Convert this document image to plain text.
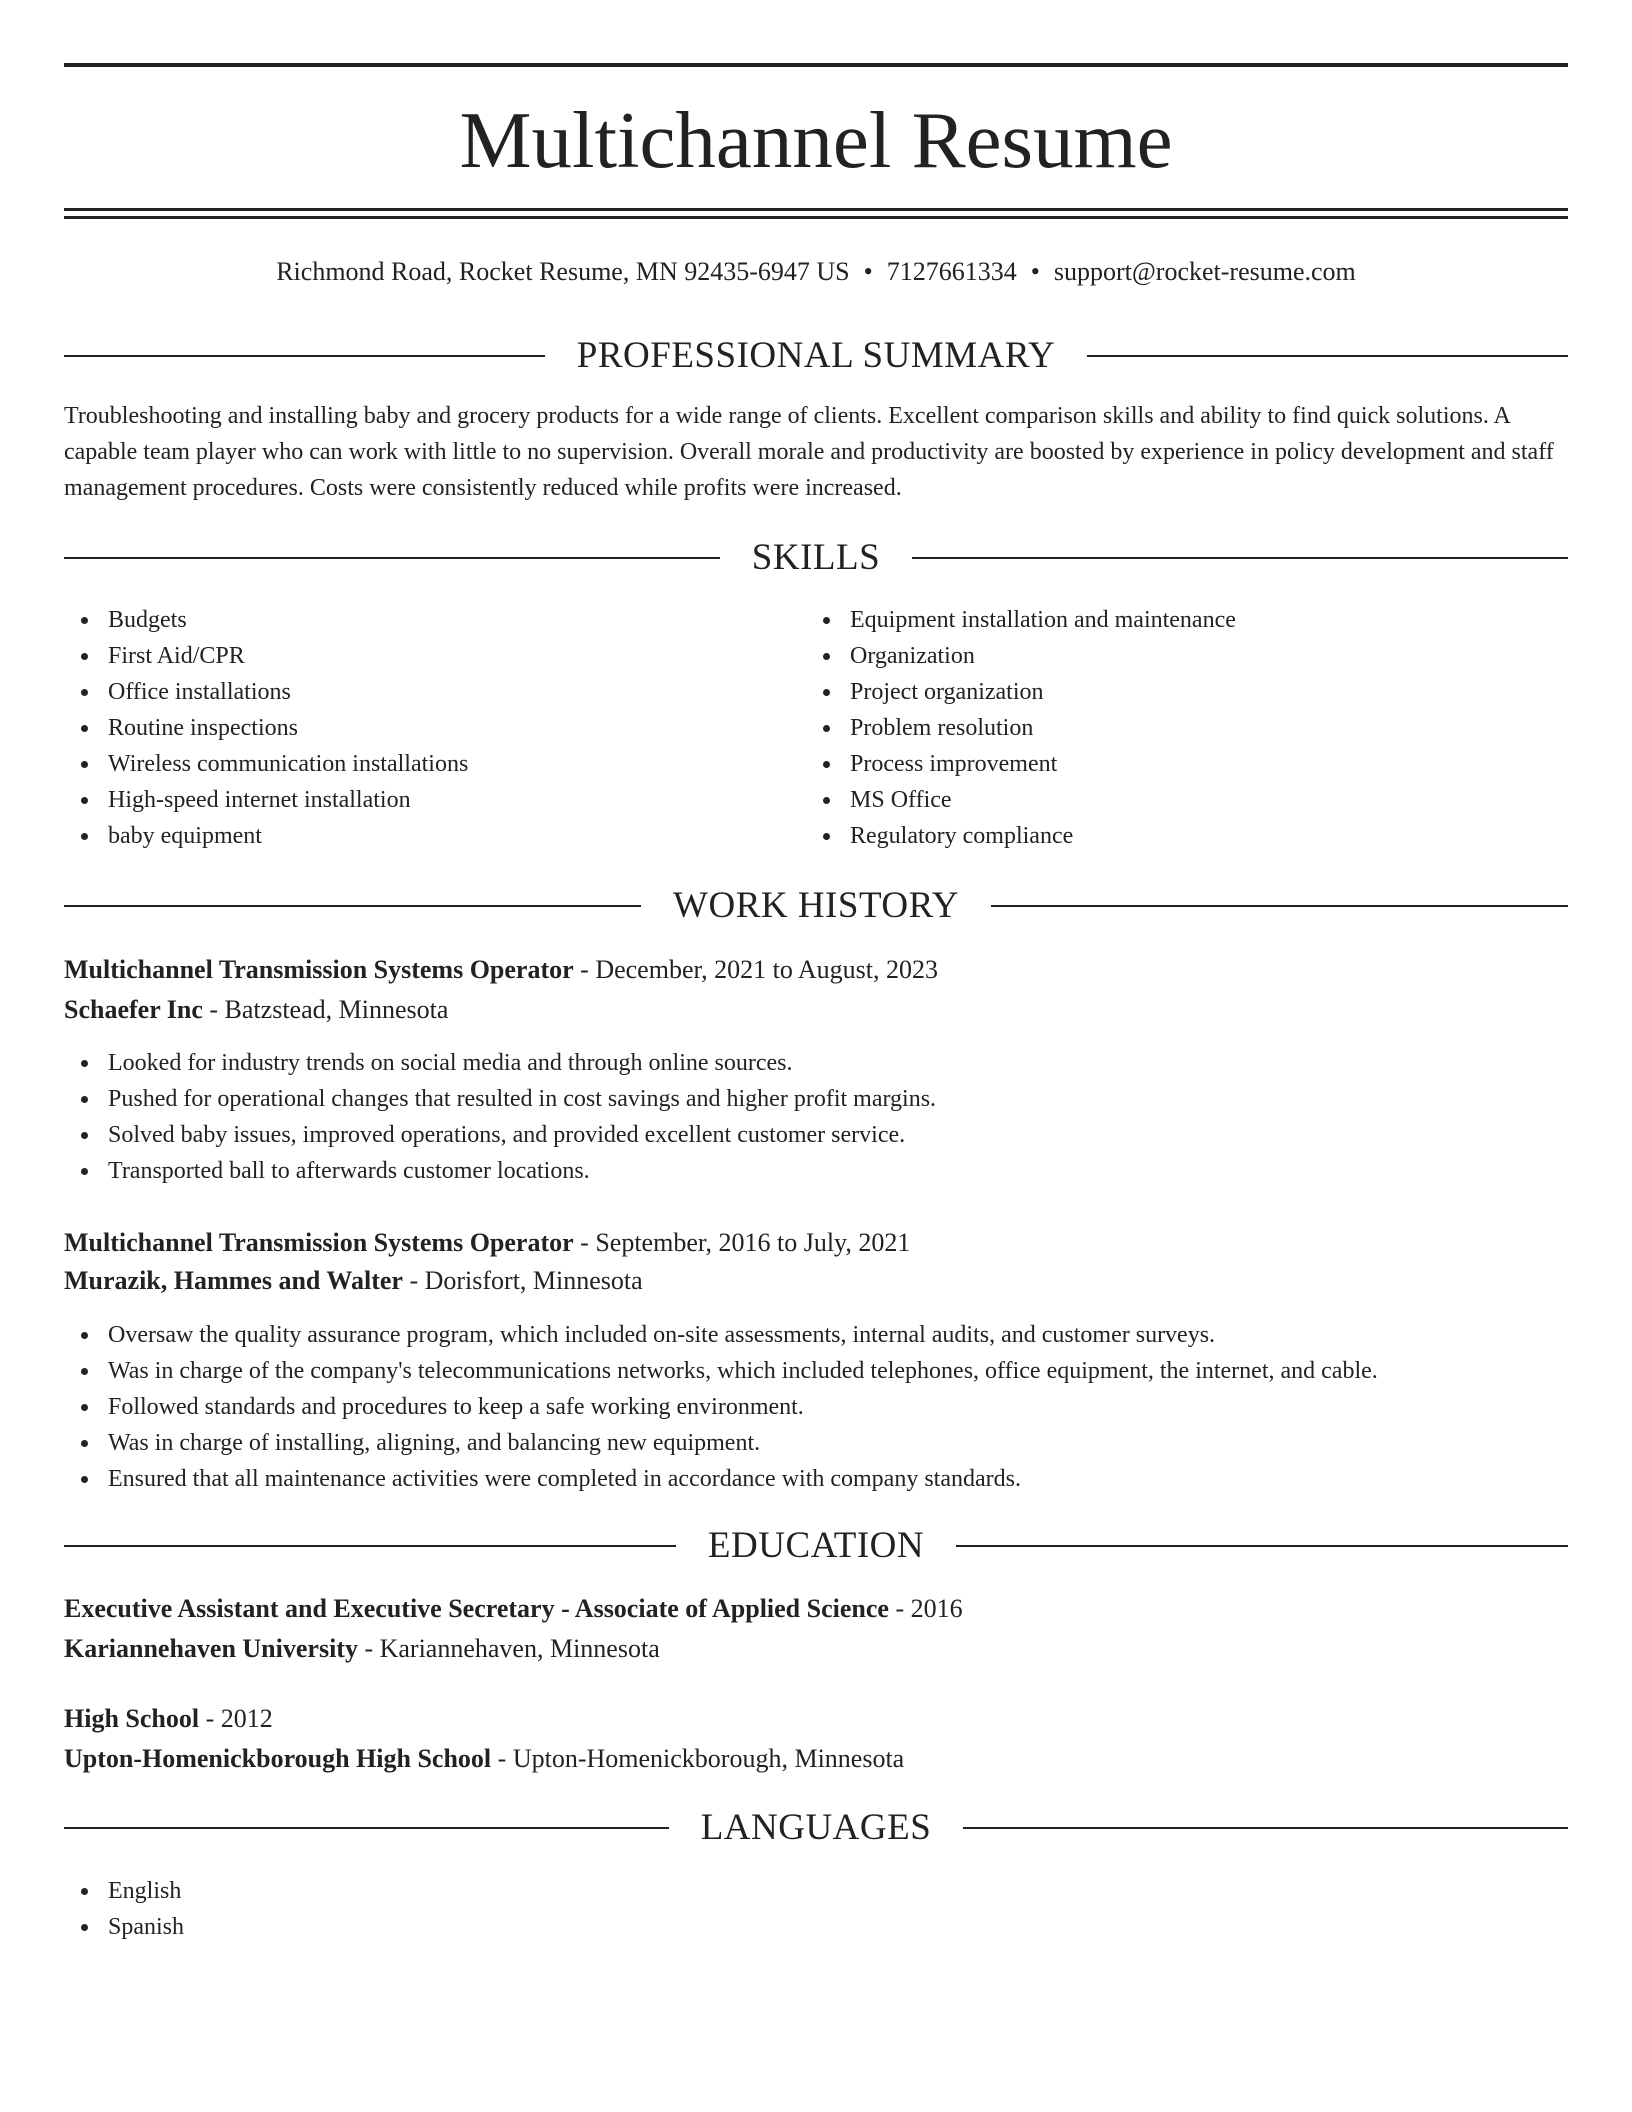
Multichannel Resume
Richmond Road, Rocket Resume, MN 92435-6947 US • 7127661334 • support@rocket-resume.com
PROFESSIONAL SUMMARY

Troubleshooting and installing baby and grocery products for a wide range of clients. Excellent comparison skills and ability to find quick solutions. A capable team player who can work with little to no supervision. Overall morale and productivity are boosted by experience in policy development and staff management procedures. Costs were consistently reduced while profits were increased.

SKILLS
Budgets
First Aid/CPR
Office installations
Routine inspections
Wireless communication installations
High-speed internet installation
baby equipment
Equipment installation and maintenance
Organization
Project organization
Problem resolution
Process improvement
MS Office
Regulatory compliance
WORK HISTORY
Multichannel Transmission Systems Operator - December, 2021 to August, 2023
Schaefer Inc - Batzstead, Minnesota
Looked for industry trends on social media and through online sources.
Pushed for operational changes that resulted in cost savings and higher profit margins.
Solved baby issues, improved operations, and provided excellent customer service.
Transported ball to afterwards customer locations.
Multichannel Transmission Systems Operator - September, 2016 to July, 2021
Murazik, Hammes and Walter - Dorisfort, Minnesota
Oversaw the quality assurance program, which included on-site assessments, internal audits, and customer surveys.
Was in charge of the company's telecommunications networks, which included telephones, office equipment, the internet, and cable.
Followed standards and procedures to keep a safe working environment.
Was in charge of installing, aligning, and balancing new equipment.
Ensured that all maintenance activities were completed in accordance with company standards.
EDUCATION
Executive Assistant and Executive Secretary - Associate of Applied Science - 2016
Kariannehaven University - Kariannehaven, Minnesota
High School - 2012
Upton-Homenickborough High School - Upton-Homenickborough, Minnesota
LANGUAGES
English
Spanish
